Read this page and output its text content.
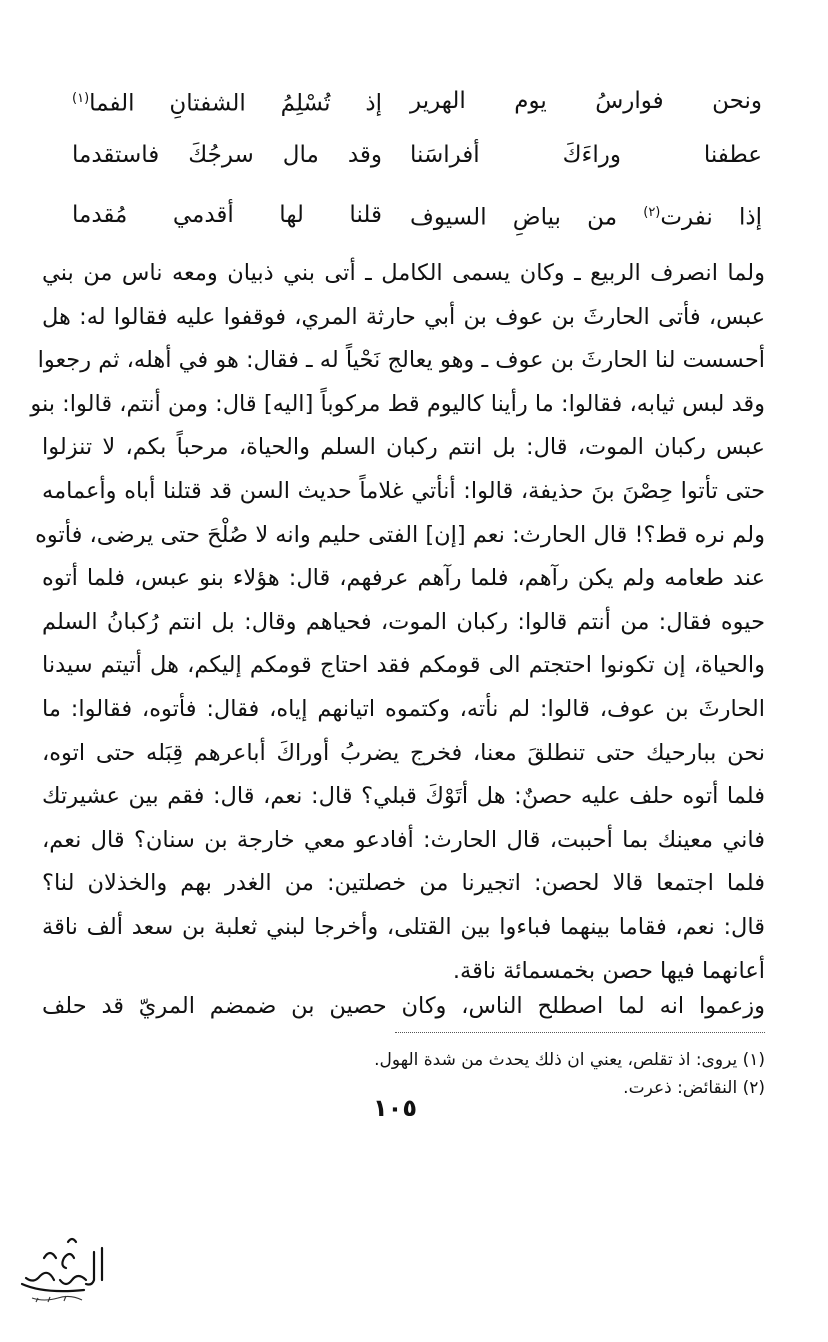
ونحن فوارسُ يوم الهرير
إذ تُسْلِمُ الشفتانِ الفما$^{(١)}$
عطفنا وراءَكَ أفراسَنا
وقد مال سرجُكَ فاستقدما
إذا نفرت$^{(٢)}$ من بياضِ السيوف
قلنا لها أقدمي مُقدما
ولما انصرف الربيع ـ وكان يسمى الكامل ـ أتى بني ذبيان ومعه ناس من بني
عبس، فأتى الحارثَ بن عوف بن أبي حارثة المري، فوقفوا عليه فقالوا له: هل
أحسست لنا الحارثَ بن عوف ـ وهو يعالج نَحْياً له ـ فقال: هو في أهله، ثم رجعوا
وقد لبس ثيابه، فقالوا: ما رأينا كاليوم قط مركوباً [اليه] قال: ومن أنتم، قالوا: بنو
عبس ركبان الموت، قال: بل انتم ركبان السلم والحياة، مرحباً بكم، لا تنزلوا
حتى تأتوا حِصْنَ بنَ حذيفة، قالوا: أنأتي غلاماً حديث السن قد قتلنا أباه وأعمامه
ولم نره قط؟! قال الحارث: نعم [إن] الفتى حليم وانه لا صُلْحَ حتى يرضى، فأتوه
عند طعامه ولم يكن رآهم، فلما رآهم عرفهم، قال: هؤلاء بنو عبس، فلما أتوه
حيوه فقال: من أنتم قالوا: ركبان الموت، فحياهم وقال: بل انتم رُكبانُ السلم
والحياة، إن تكونوا احتجتم الى قومكم فقد احتاج قومكم إليكم، هل أتيتم سيدنا
الحارثَ بن عوف، قالوا: لم نأته، وكتموه اتيانهم إياه، فقال: فأتوه، فقالوا: ما
نحن ببارحيك حتى تنطلقَ معنا، فخرج يضربُ أوراكَ أباعرهم قِبَله حتى اتوه،
فلما أتوه حلف عليه حصنٌ: هل أتَوْكَ قبلي؟ قال: نعم، قال: فقم بين عشيرتك
فاني معينك بما أحببت، قال الحارث: أفادعو معي خارجة بن سنان؟ قال نعم،
فلما اجتمعا قالا لحصن: اتجيرنا من خصلتين: من الغدر بهم والخذلان لنا؟
قال: نعم، فقاما بينهما فباءوا بين القتلى، وأخرجا لبني ثعلبة بن سعد ألف ناقة
أعانهما فيها حصن بخمسمائة ناقة.
وزعموا انه لما اصطلح الناس، وكان حصين بن ضمضم المريّ قد حلف
(١) يروى: اذ تقلص، يعني ان ذلك يحدث من شدة الهول.
(٢) النقائض: ذعرت.
١٠٥
